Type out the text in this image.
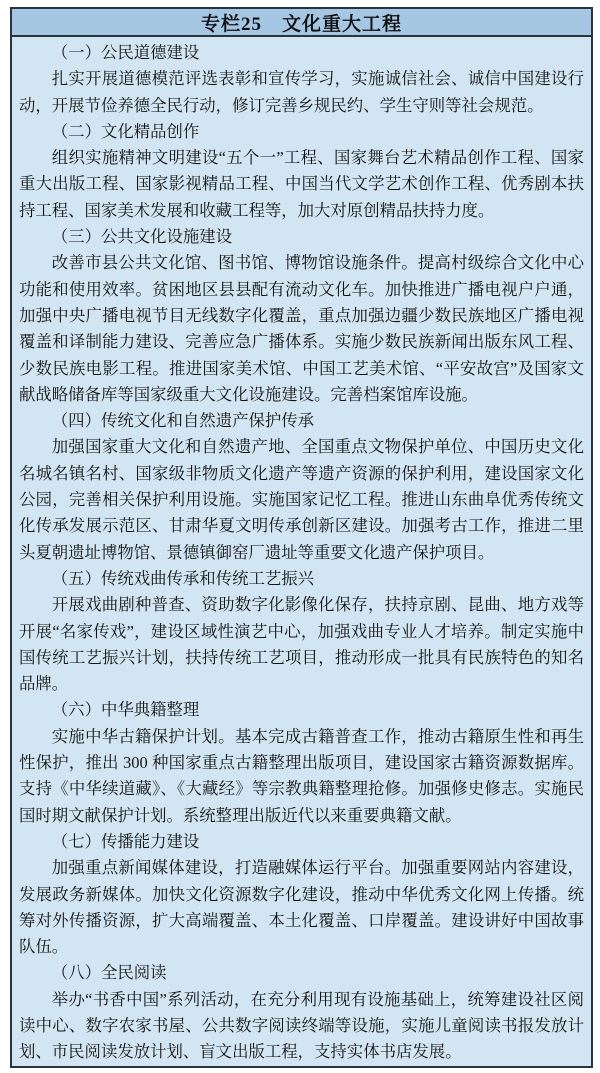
专栏25　文化重大工程
（一）公民道德建设

扎实开展道德模范评选表彰和宣传学习，实施诚信社会、诚信中国建设行动，开展节俭养德全民行动，修订完善乡规民约、学生守则等社会规范。

（二）文化精品创作

组织实施精神文明建设“五个一”工程、国家舞台艺术精品创作工程、国家重大出版工程、国家影视精品工程、中国当代文学艺术创作工程、优秀剧本扶持工程、国家美术发展和收藏工程等，加大对原创精品扶持力度。

（三）公共文化设施建设

改善市县公共文化馆、图书馆、博物馆设施条件。提高村级综合文化中心功能和使用效率。贫困地区县县配有流动文化车。加快推进广播电视户户通，加强中央广播电视节目无线数字化覆盖，重点加强边疆少数民族地区广播电视覆盖和译制能力建设、完善应急广播体系。实施少数民族新闻出版东风工程、少数民族电影工程。推进国家美术馆、中国工艺美术馆、“平安故宫”及国家文献战略储备库等国家级重大文化设施建设。完善档案馆库设施。

（四）传统文化和自然遗产保护传承

加强国家重大文化和自然遗产地、全国重点文物保护单位、中国历史文化名城名镇名村、国家级非物质文化遗产等遗产资源的保护利用，建设国家文化公园，完善相关保护利用设施。实施国家记忆工程。推进山东曲阜优秀传统文化传承发展示范区、甘肃华夏文明传承创新区建设。加强考古工作，推进二里头夏朝遗址博物馆、景德镇御窑厂遗址等重要文化遗产保护项目。

（五）传统戏曲传承和传统工艺振兴

开展戏曲剧种普查、资助数字化影像化保存，扶持京剧、昆曲、地方戏等开展“名家传戏”，建设区域性演艺中心，加强戏曲专业人才培养。制定实施中国传统工艺振兴计划，扶持传统工艺项目，推动形成一批具有民族特色的知名品牌。

（六）中华典籍整理

实施中华古籍保护计划。基本完成古籍普查工作，推动古籍原生性和再生性保护，推出 300 种国家重点古籍整理出版项目，建设国家古籍资源数据库。支持《中华续道藏》、《大藏经》等宗教典籍整理抢修。加强修史修志。实施民国时期文献保护计划。系统整理出版近代以来重要典籍文献。

（七）传播能力建设

加强重点新闻媒体建设，打造融媒体运行平台。加强重要网站内容建设，发展政务新媒体。加快文化资源数字化建设，推动中华优秀文化网上传播。统筹对外传播资源，扩大高端覆盖、本土化覆盖、口岸覆盖。建设讲好中国故事队伍。

（八）全民阅读

举办“书香中国”系列活动，在充分利用现有设施基础上，统筹建设社区阅读中心、数字农家书屋、公共数字阅读终端等设施，实施儿童阅读书报发放计划、市民阅读发放计划、盲文出版工程，支持实体书店发展。
